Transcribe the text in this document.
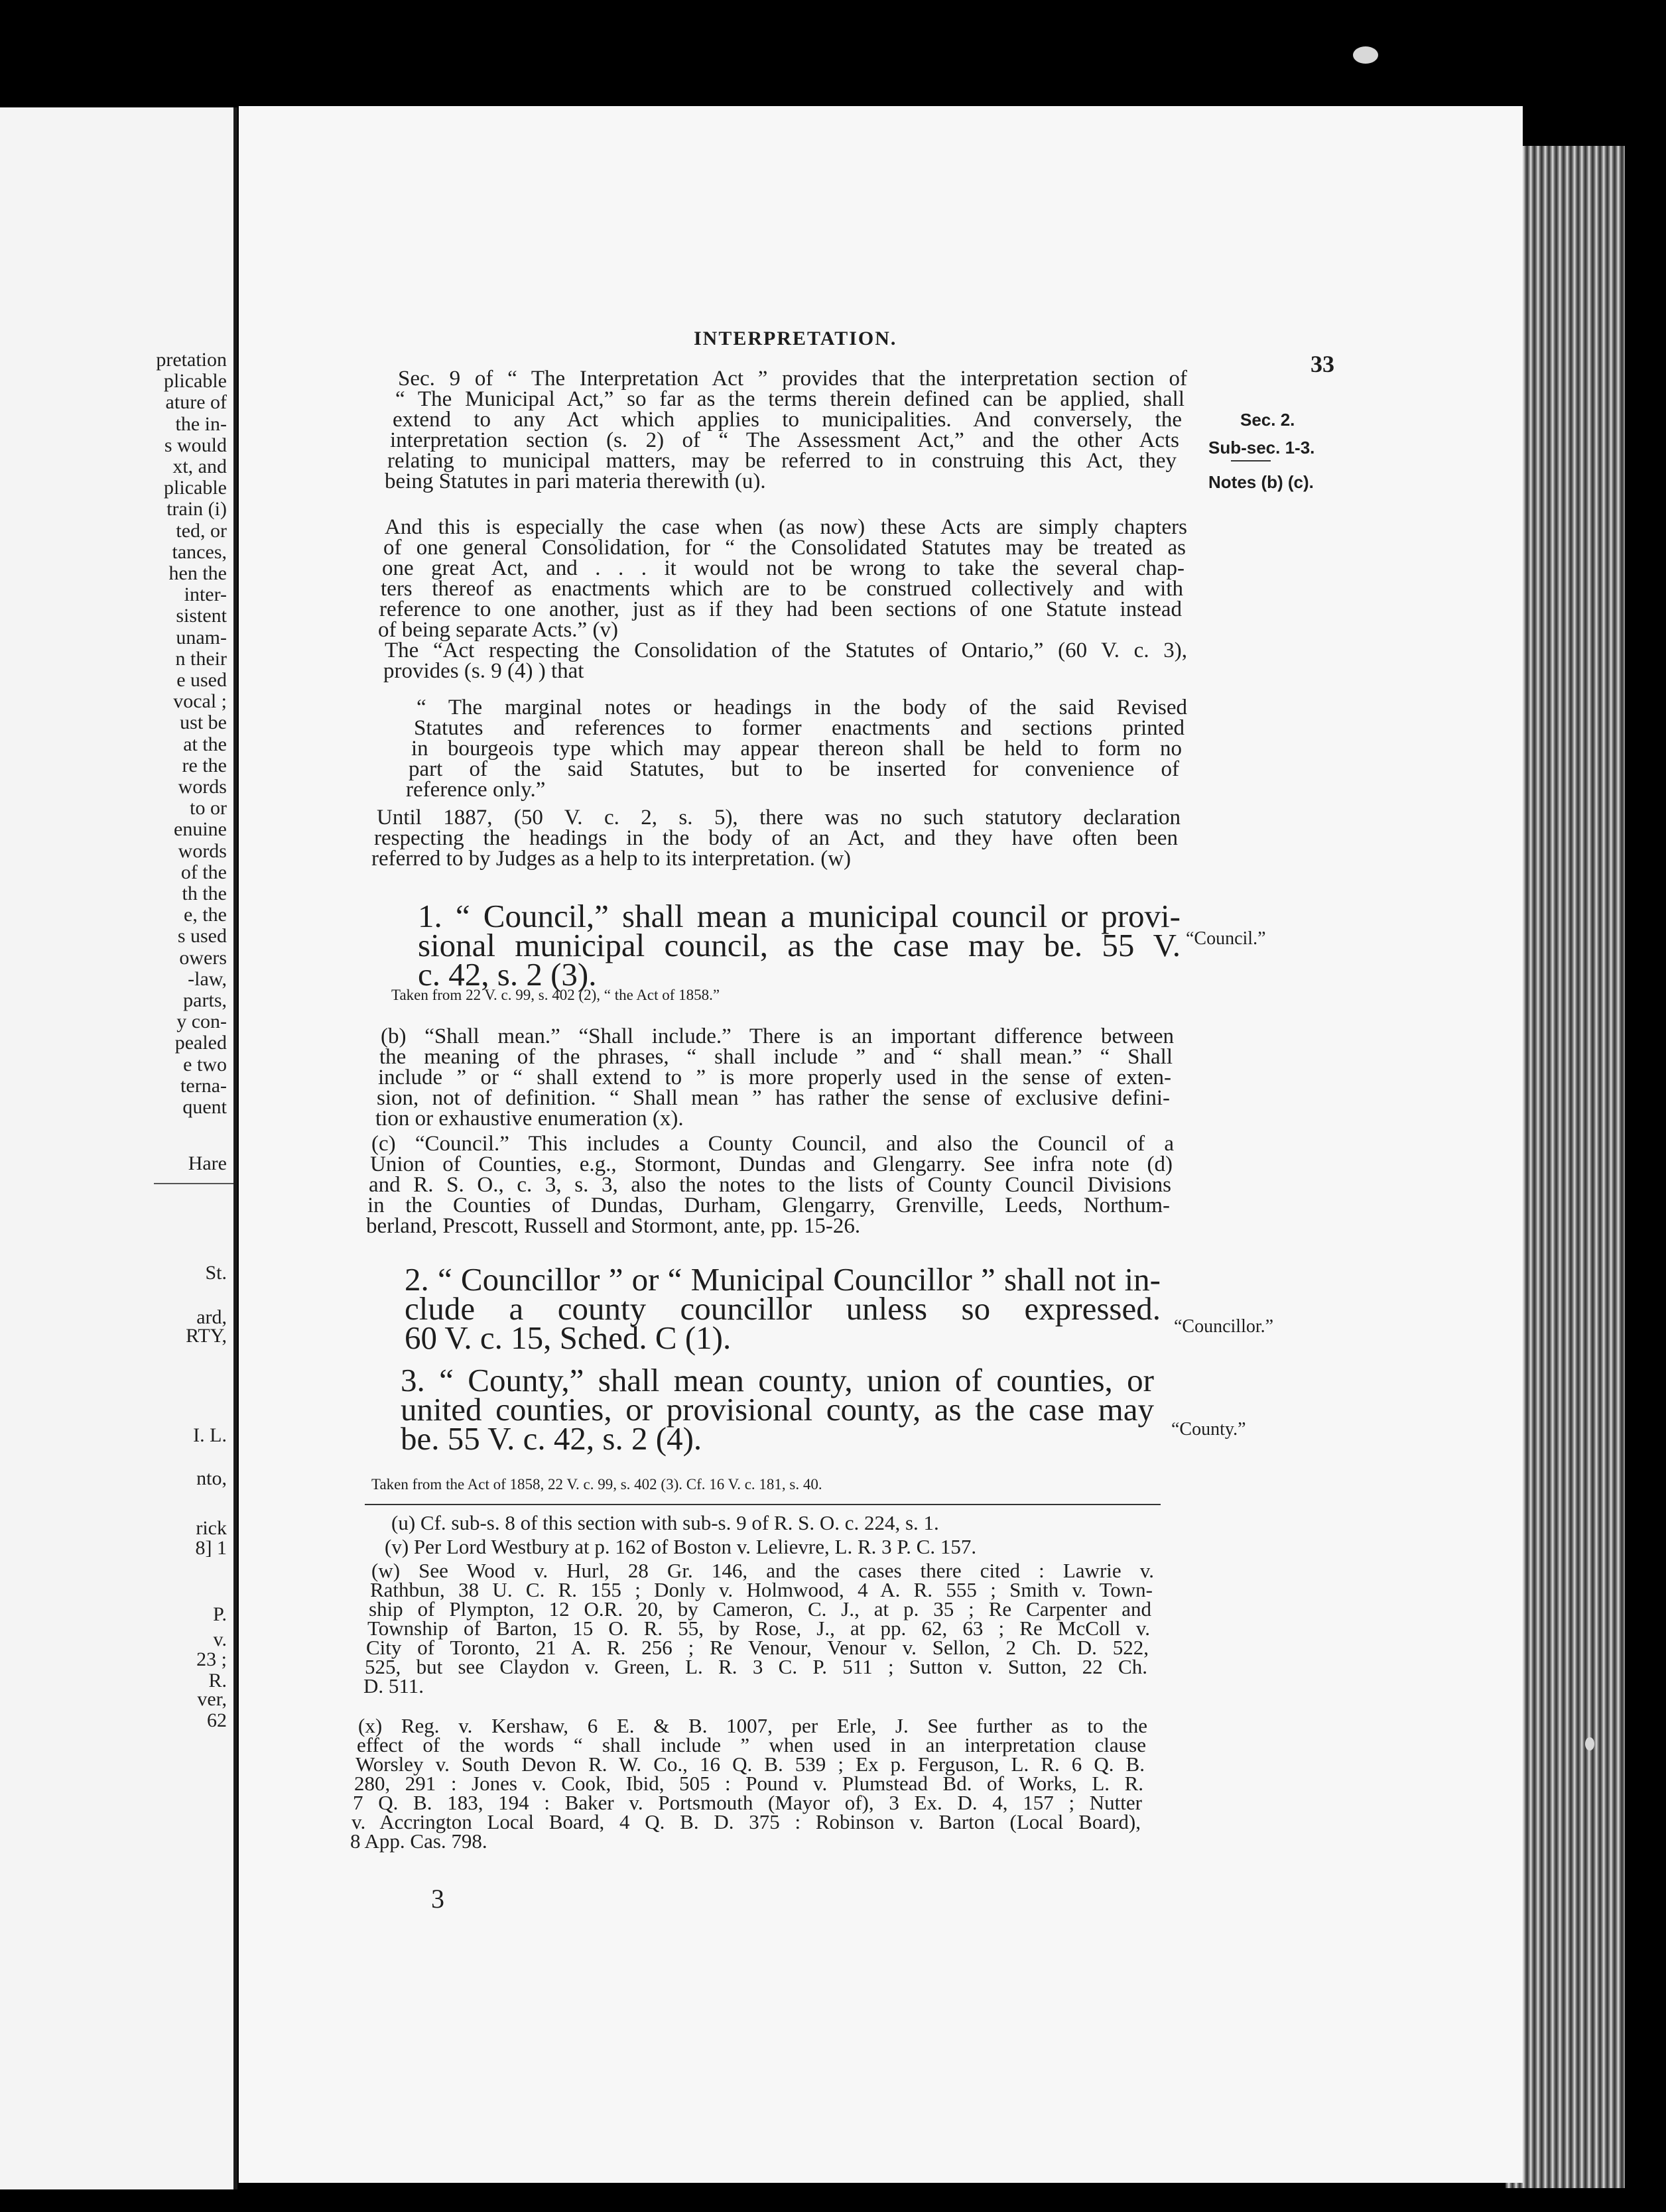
pretation
plicable
ature of
the in-
s would
xt, and
plicable
train (i)
ted, or
tances,
hen the
inter-
sistent
unam-
n their
e used
vocal ;
ust be
at the
re the
words
to or
enuine
words
of the
th the
e, the
s used
owers
-law,
parts,
y con-
pealed
e two
terna-
quent
Hare
St.
ard,
RTY,
I. L.
nto,
rick
8] 1
P.
v.
23 ;
R.
ver,
62
INTERPRETATION.
33
Sec. 2.
Sub-sec. 1-3.
Notes (b) (c).
“Council.”
“Councillor.”
“County.”
Sec. 9 of “ The Interpretation Act ” provides that the interpretation section of
“ The Municipal Act,” so far as the terms therein defined can be applied, shall
extend to any Act which applies to municipalities. And conversely, the
interpretation section (s. 2) of “ The Assessment Act,” and the other Acts
relating to municipal matters, may be referred to in construing this Act, they
being Statutes in pari materia therewith (u).
And this is especially the case when (as now) these Acts are simply chapters
of one general Consolidation, for “ the Consolidated Statutes may be treated as
one great Act, and . . . it would not be wrong to take the several chap-
ters thereof as enactments which are to be construed collectively and with
reference to one another, just as if they had been sections of one Statute instead
of being separate Acts.” (v)
The “Act respecting the Consolidation of the Statutes of Ontario,” (60 V. c. 3),
provides (s. 9 (4) ) that
“ The marginal notes or headings in the body of the said Revised
Statutes and references to former enactments and sections printed
in bourgeois type which may appear thereon shall be held to form no
part of the said Statutes, but to be inserted for convenience of
reference only.”
Until 1887, (50 V. c. 2, s. 5), there was no such statutory declaration
respecting the headings in the body of an Act, and they have often been
referred to by Judges as a help to its interpretation. (w)
1. “ Council,” shall mean a municipal council or provi-
sional municipal council, as the case may be. 55 V.
c. 42, s. 2 (3).
Taken from 22 V. c. 99, s. 402 (2), “ the Act of 1858.”
(b) “Shall mean.” “Shall include.” There is an important difference between
the meaning of the phrases, “ shall include ” and “ shall mean.” “ Shall
include ” or “ shall extend to ” is more properly used in the sense of exten-
sion, not of definition. “ Shall mean ” has rather the sense of exclusive defini-
tion or exhaustive enumeration (x).
(c) “Council.” This includes a County Council, and also the Council of a
Union of Counties, e.g., Stormont, Dundas and Glengarry. See infra note (d)
and R. S. O., c. 3, s. 3, also the notes to the lists of County Council Divisions
in the Counties of Dundas, Durham, Glengarry, Grenville, Leeds, Northum-
berland, Prescott, Russell and Stormont, ante, pp. 15-26.
2. “ Councillor ” or “ Municipal Councillor ” shall not in-
clude a county councillor unless so expressed.
60 V. c. 15, Sched. C (1).
3. “ County,” shall mean county, union of counties, or
united counties, or provisional county, as the case may
be. 55 V. c. 42, s. 2 (4).
Taken from the Act of 1858, 22 V. c. 99, s. 402 (3). Cf. 16 V. c. 181, s. 40.
(u) Cf. sub-s. 8 of this section with sub-s. 9 of R. S. O. c. 224, s. 1.
(v) Per Lord Westbury at p. 162 of Boston v. Lelievre, L. R. 3 P. C. 157.
(w) See Wood v. Hurl, 28 Gr. 146, and the cases there cited : Lawrie v.
Rathbun, 38 U. C. R. 155 ; Donly v. Holmwood, 4 A. R. 555 ; Smith v. Town-
ship of Plympton, 12 O.R. 20, by Cameron, C. J., at p. 35 ; Re Carpenter and
Township of Barton, 15 O. R. 55, by Rose, J., at pp. 62, 63 ; Re McColl v.
City of Toronto, 21 A. R. 256 ; Re Venour, Venour v. Sellon, 2 Ch. D. 522,
525, but see Claydon v. Green, L. R. 3 C. P. 511 ; Sutton v. Sutton, 22 Ch.
D. 511.
(x) Reg. v. Kershaw, 6 E. & B. 1007, per Erle, J. See further as to the
effect of the words “ shall include ” when used in an interpretation clause
Worsley v. South Devon R. W. Co., 16 Q. B. 539 ; Ex p. Ferguson, L. R. 6 Q. B.
280, 291 : Jones v. Cook, Ibid, 505 : Pound v. Plumstead Bd. of Works, L. R.
7 Q. B. 183, 194 : Baker v. Portsmouth (Mayor of), 3 Ex. D. 4, 157 ; Nutter
v. Accrington Local Board, 4 Q. B. D. 375 : Robinson v. Barton (Local Board),
8 App. Cas. 798.
3
